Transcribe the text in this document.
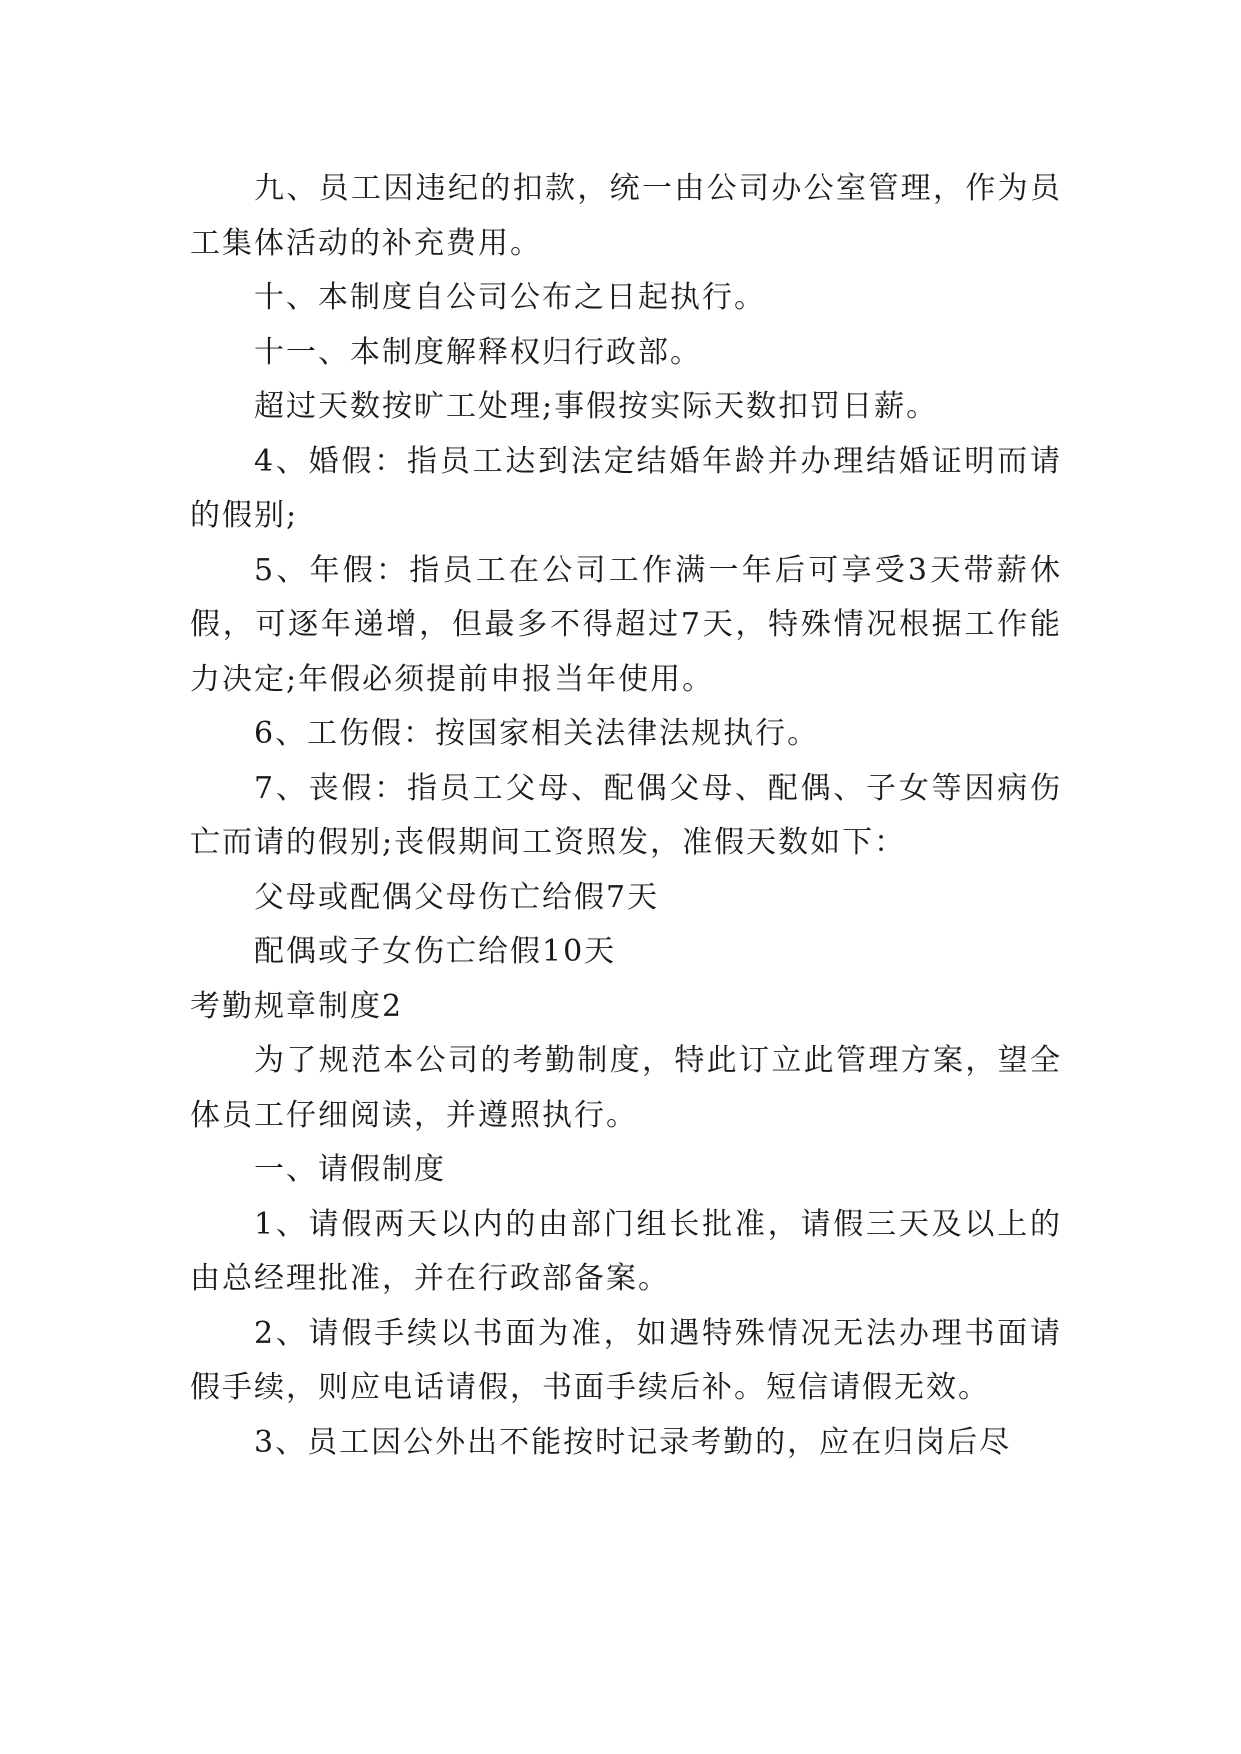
九、员工因违纪的扣款，统一由公司办公室管理，作为员工集体活动的补充费用。

十、本制度自公司公布之日起执行。

十一、本制度解释权归行政部。

超过天数按旷工处理;事假按实际天数扣罚日薪。

4、婚假：指员工达到法定结婚年龄并办理结婚证明而请的假别;

5、年假：指员工在公司工作满一年后可享受3天带薪休假，可逐年递增，但最多不得超过7天，特殊情况根据工作能力决定;年假必须提前申报当年使用。

6、工伤假：按国家相关法律法规执行。

7、丧假：指员工父母、配偶父母、配偶、子女等因病伤亡而请的假别;丧假期间工资照发，准假天数如下：

父母或配偶父母伤亡给假7天

配偶或子女伤亡给假10天

考勤规章制度2

为了规范本公司的考勤制度，特此订立此管理方案，望全体员工仔细阅读，并遵照执行。

一、请假制度

1、请假两天以内的由部门组长批准，请假三天及以上的由总经理批准，并在行政部备案。

2、请假手续以书面为准，如遇特殊情况无法办理书面请假手续，则应电话请假，书面手续后补。短信请假无效。

3、员工因公外出不能按时记录考勤的，应在归岗后尽
